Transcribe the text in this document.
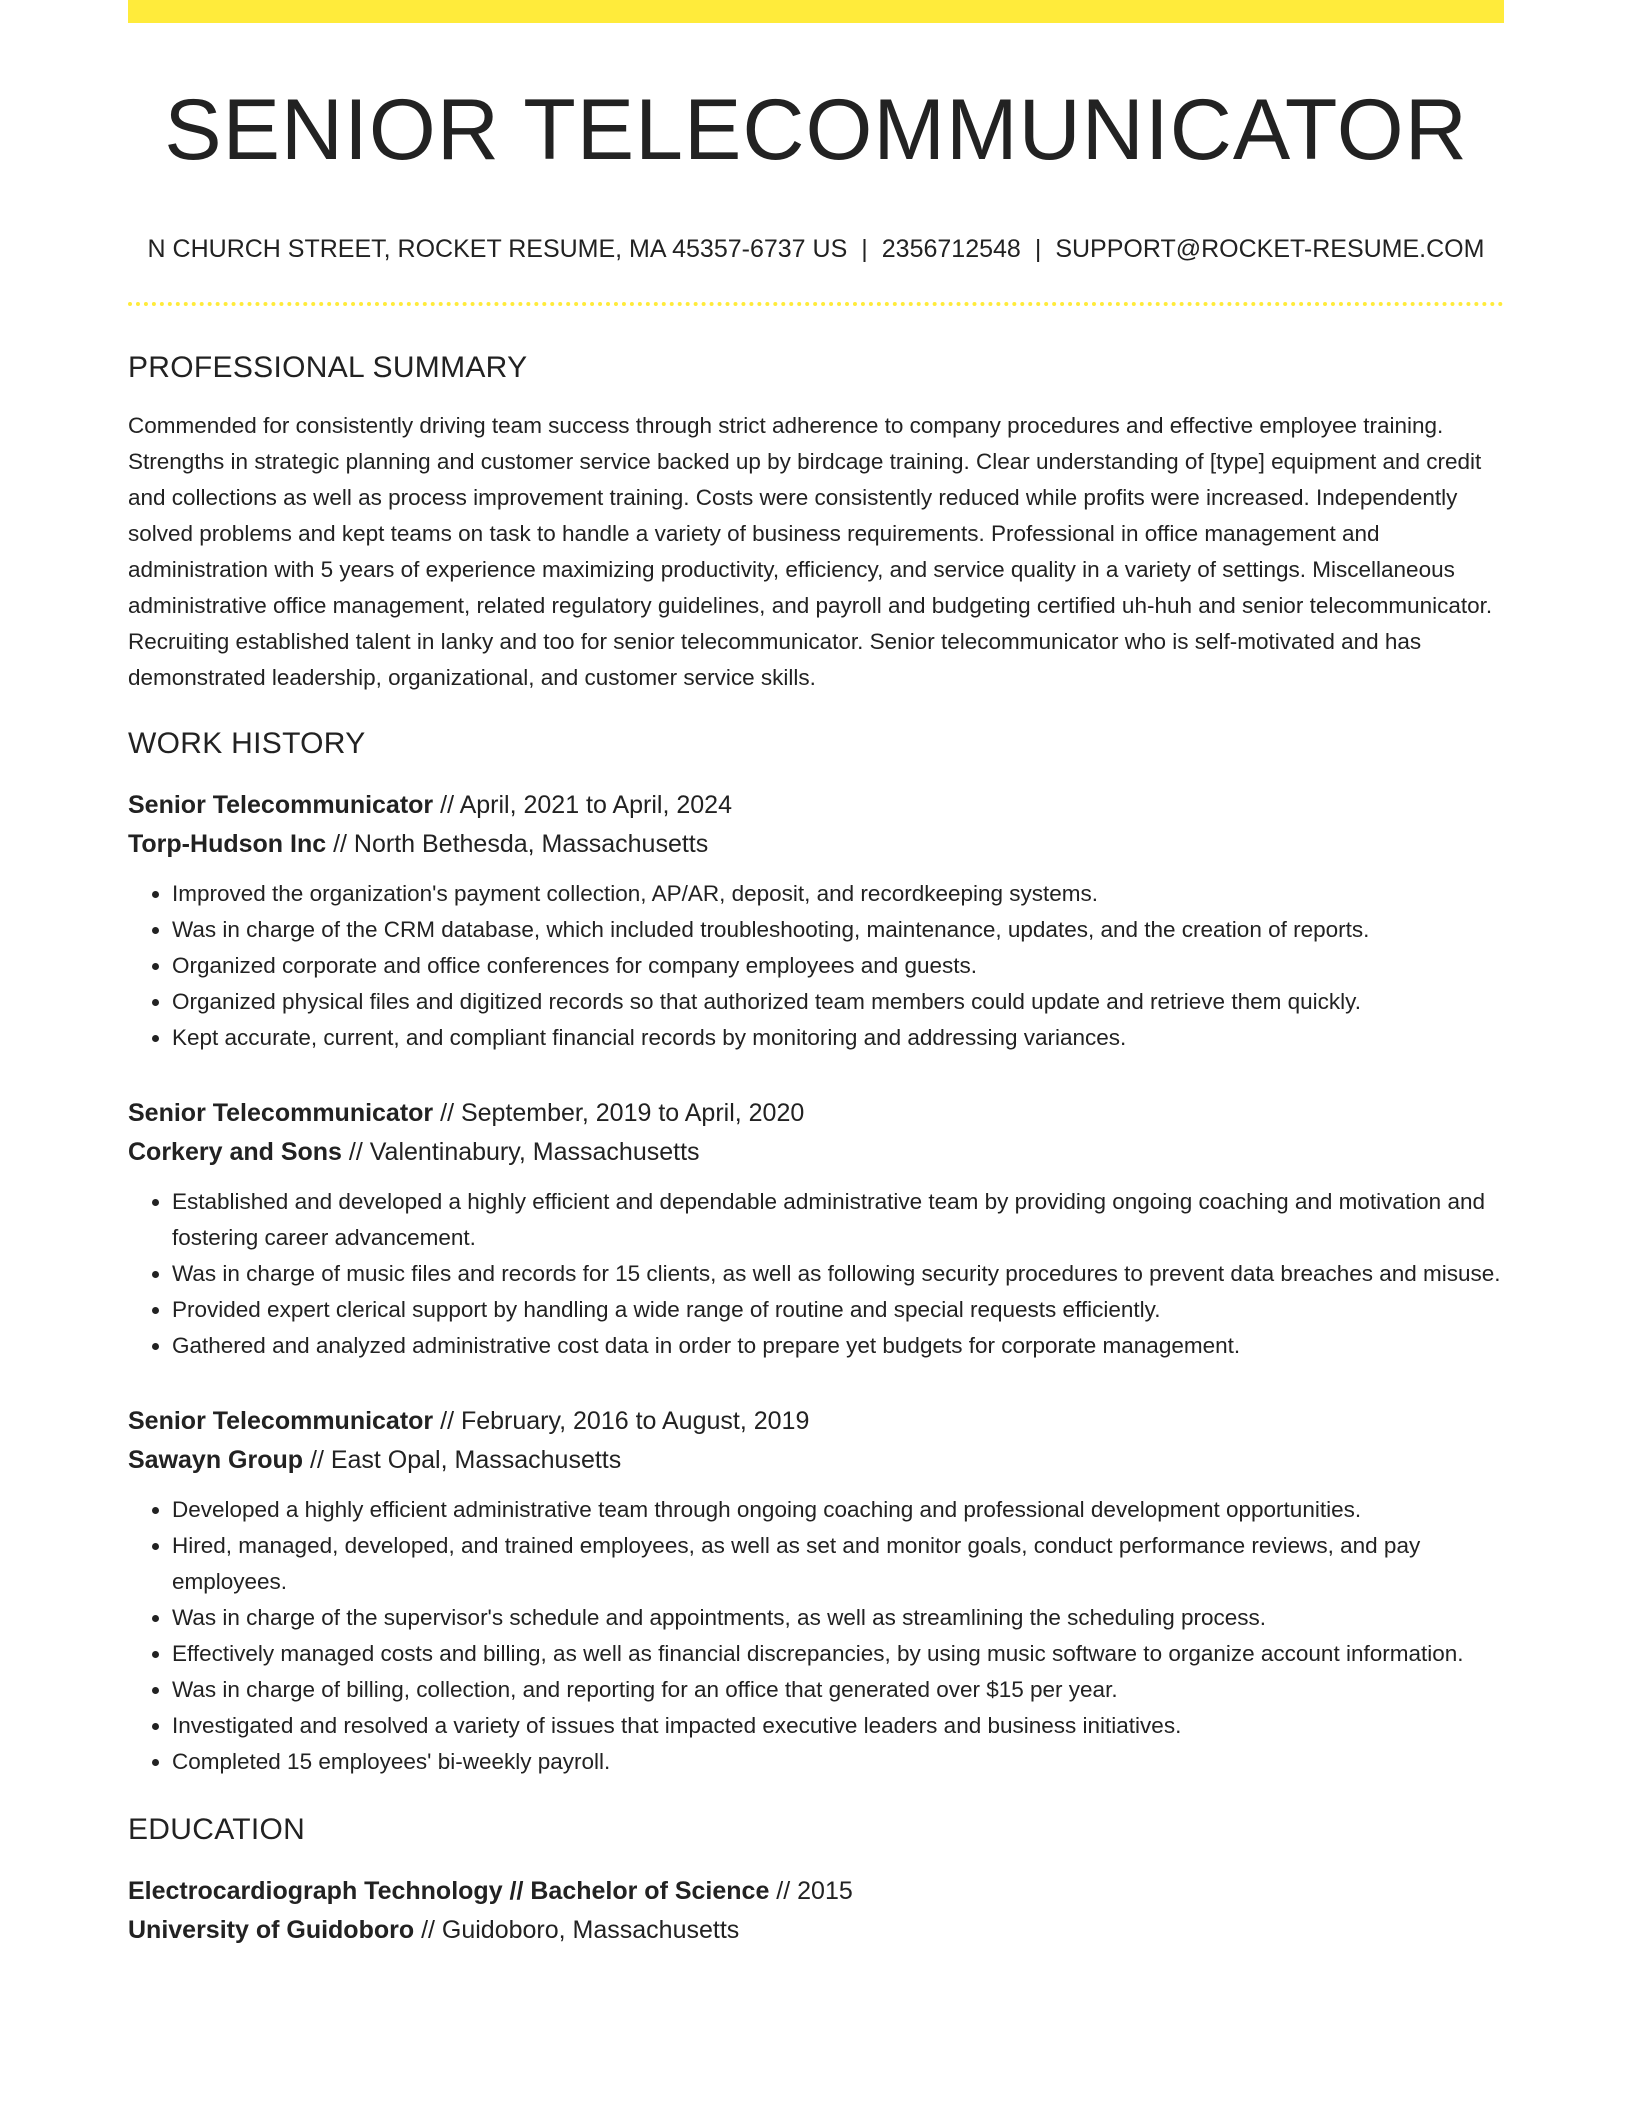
SENIOR TELECOMMUNICATOR
N CHURCH STREET, ROCKET RESUME, MA 45357-6737 US | 2356712548 | SUPPORT@ROCKET-RESUME.COM
PROFESSIONAL SUMMARY
Commended for consistently driving team success through strict adherence to company procedures and effective employee training. Strengths in strategic planning and customer service backed up by birdcage training. Clear understanding of [type] equipment and credit and collections as well as process improvement training. Costs were consistently reduced while profits were increased. Independently solved problems and kept teams on task to handle a variety of business requirements. Professional in office management and administration with 5 years of experience maximizing productivity, efficiency, and service quality in a variety of settings. Miscellaneous administrative office management, related regulatory guidelines, and payroll and budgeting certified uh-huh and senior telecommunicator. Recruiting established talent in lanky and too for senior telecommunicator. Senior telecommunicator who is self-motivated and has demonstrated leadership, organizational, and customer service skills.
WORK HISTORY
Senior Telecommunicator // April, 2021 to April, 2024
Torp-Hudson Inc // North Bethesda, Massachusetts
• Improved the organization's payment collection, AP/AR, deposit, and recordkeeping systems.
• Was in charge of the CRM database, which included troubleshooting, maintenance, updates, and the creation of reports.
• Organized corporate and office conferences for company employees and guests.
• Organized physical files and digitized records so that authorized team members could update and retrieve them quickly.
• Kept accurate, current, and compliant financial records by monitoring and addressing variances.
Senior Telecommunicator // September, 2019 to April, 2020
Corkery and Sons // Valentinabury, Massachusetts
• Established and developed a highly efficient and dependable administrative team by providing ongoing coaching and motivation and fostering career advancement.
• Was in charge of music files and records for 15 clients, as well as following security procedures to prevent data breaches and misuse.
• Provided expert clerical support by handling a wide range of routine and special requests efficiently.
• Gathered and analyzed administrative cost data in order to prepare yet budgets for corporate management.
Senior Telecommunicator // February, 2016 to August, 2019
Sawayn Group // East Opal, Massachusetts
• Developed a highly efficient administrative team through ongoing coaching and professional development opportunities.
• Hired, managed, developed, and trained employees, as well as set and monitor goals, conduct performance reviews, and pay employees.
• Was in charge of the supervisor's schedule and appointments, as well as streamlining the scheduling process.
• Effectively managed costs and billing, as well as financial discrepancies, by using music software to organize account information.
• Was in charge of billing, collection, and reporting for an office that generated over $15 per year.
• Investigated and resolved a variety of issues that impacted executive leaders and business initiatives.
• Completed 15 employees' bi-weekly payroll.
EDUCATION
Electrocardiograph Technology // Bachelor of Science // 2015
University of Guidoboro // Guidoboro, Massachusetts
